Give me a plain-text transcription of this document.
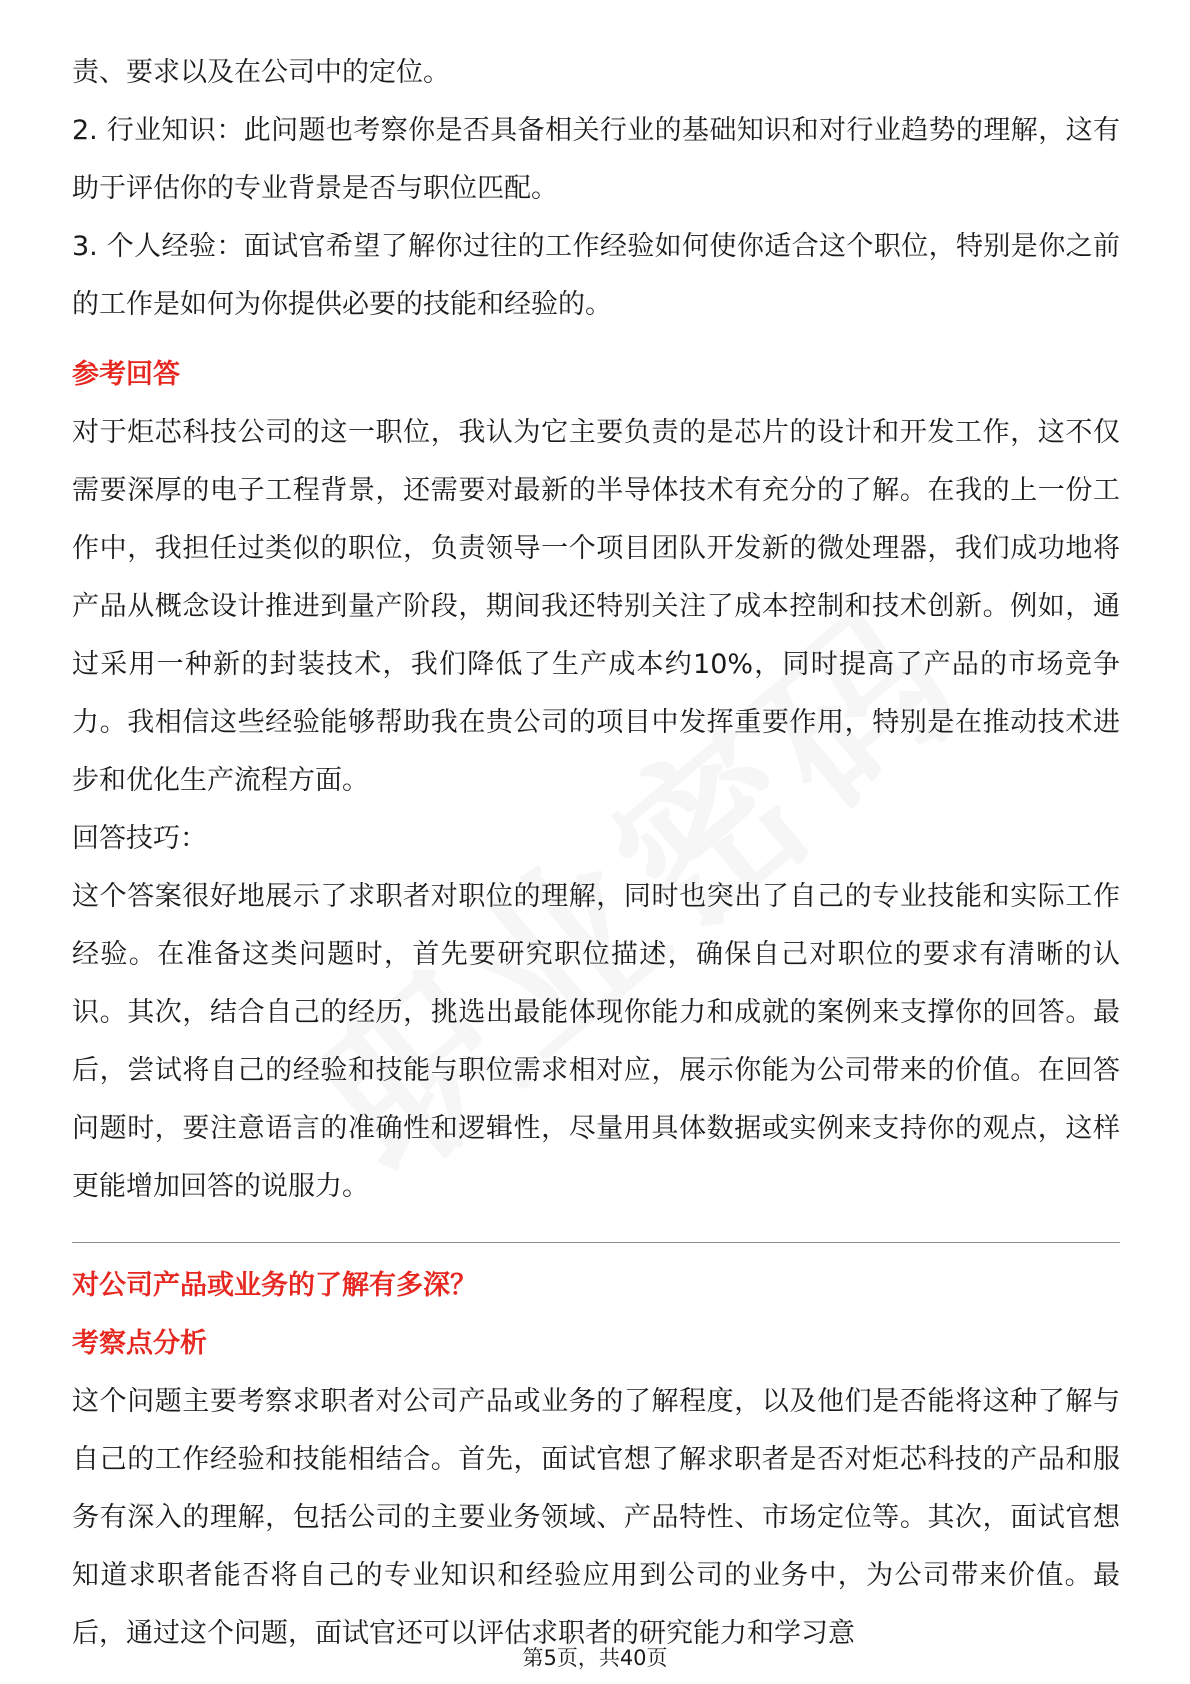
责、要求以及在公司中的定位。

2. 行业知识：此问题也考察你是否具备相关行业的基础知识和对行业趋势的理解，这有助于评估你的专业背景是否与职位匹配。

3. 个人经验：面试官希望了解你过往的工作经验如何使你适合这个职位，特别是你之前的工作是如何为你提供必要的技能和经验的。

参考回答

对于炬芯科技公司的这一职位，我认为它主要负责的是芯片的设计和开发工作，这不仅需要深厚的电子工程背景，还需要对最新的半导体技术有充分的了解。在我的上一份工作中，我担任过类似的职位，负责领导一个项目团队开发新的微处理器，我们成功地将产品从概念设计推进到量产阶段，期间我还特别关注了成本控制和技术创新。例如，通过采用一种新的封装技术，我们降低了生产成本约10%，同时提高了产品的市场竞争力。我相信这些经验能够帮助我在贵公司的项目中发挥重要作用，特别是在推动技术进步和优化生产流程方面。

回答技巧：

这个答案很好地展示了求职者对职位的理解，同时也突出了自己的专业技能和实际工作经验。在准备这类问题时，首先要研究职位描述，确保自己对职位的要求有清晰的认识。其次，结合自己的经历，挑选出最能体现你能力和成就的案例来支撑你的回答。最后，尝试将自己的经验和技能与职位需求相对应，展示你能为公司带来的价值。在回答问题时，要注意语言的准确性和逻辑性，尽量用具体数据或实例来支持你的观点，这样更能增加回答的说服力。

对公司产品或业务的了解有多深？
考察点分析

这个问题主要考察求职者对公司产品或业务的了解程度，以及他们是否能将这种了解与自己的工作经验和技能相结合。首先，面试官想了解求职者是否对炬芯科技的产品和服务有深入的理解，包括公司的主要业务领域、产品特性、市场定位等。其次，面试官想知道求职者能否将自己的专业知识和经验应用到公司的业务中，为公司带来价值。最后，通过这个问题，面试官还可以评估求职者的研究能力和学习意

第5页，共40页
